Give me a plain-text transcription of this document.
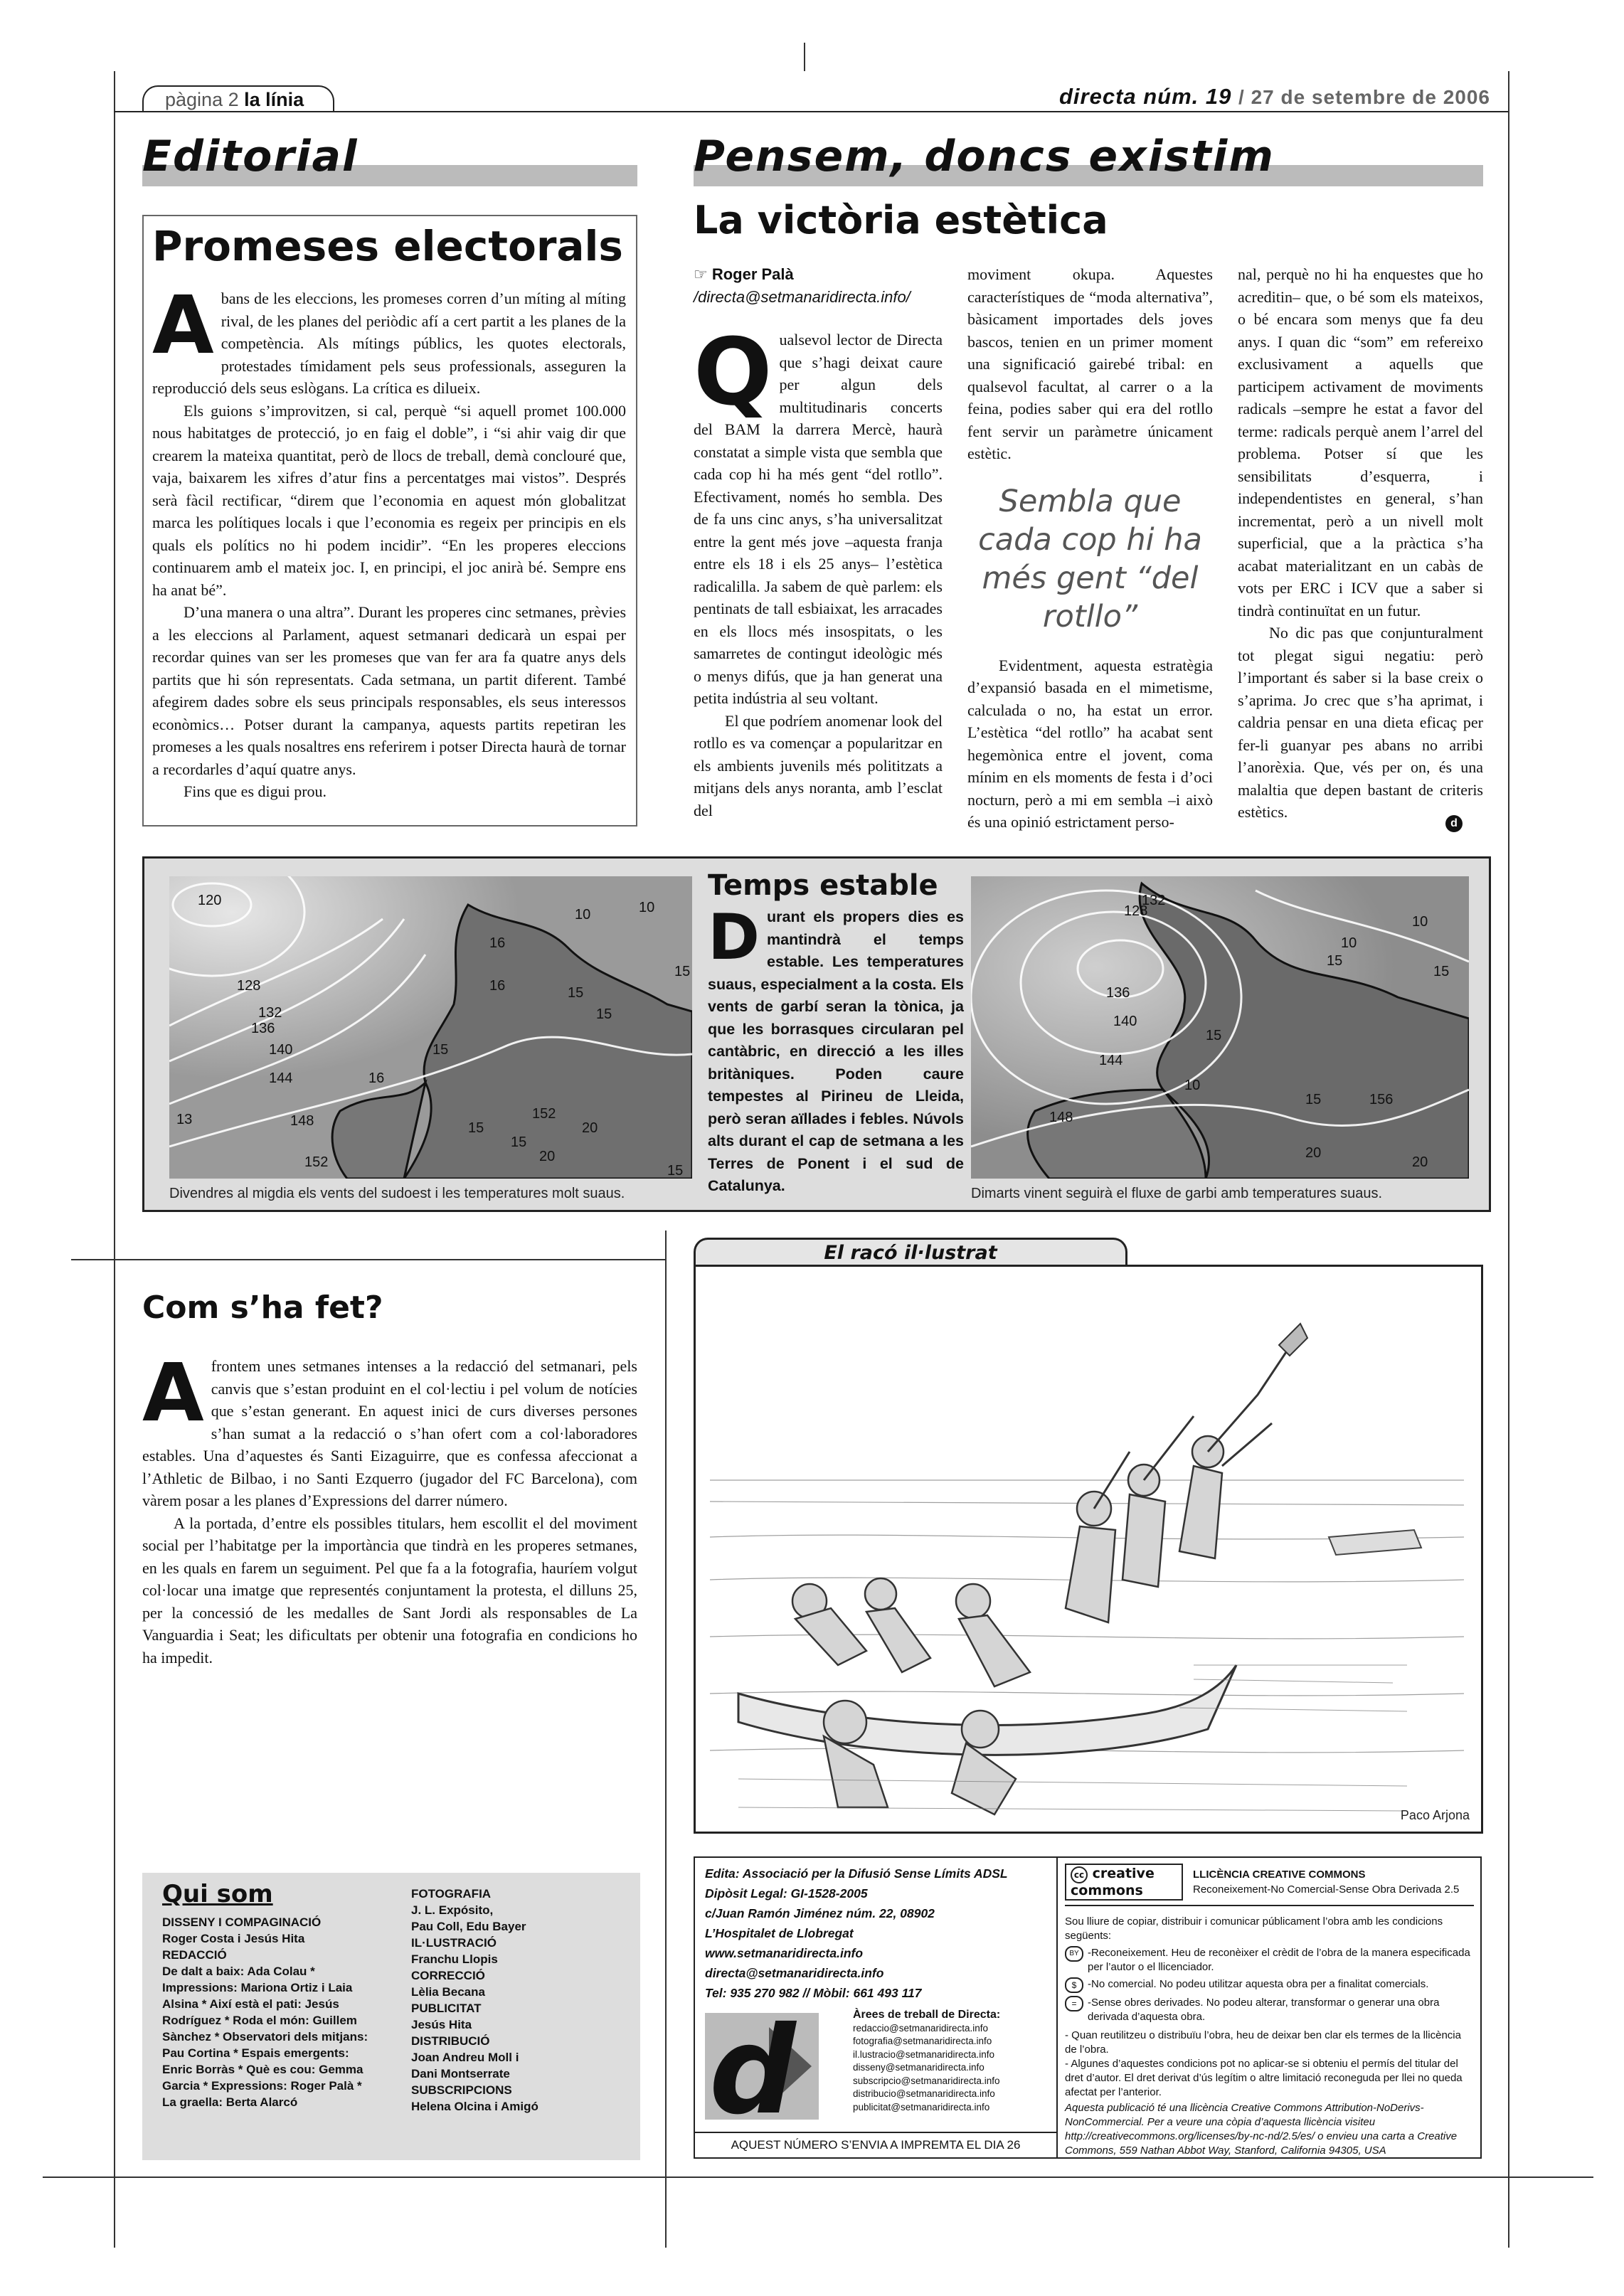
pàgina 2 la línia	directa núm. 19 / 27 de setembre de 2006
Editorial
Promeses electorals

Abans de les eleccions, les promeses corren d’un míting al míting rival, de les planes del periòdic afí a cert partit a les planes de la competència. Als mítings públics, les quotes electorals, protestades tímidament pels seus professionals, asseguren la reproducció dels seus eslògans. La crítica es dilueix.

Els guions s’improvitzen, si cal, perquè “si aquell promet 100.000 nous habitatges de protecció, jo en faig el doble”, i “si ahir vaig dir que crearem la mateixa quantitat, però de llocs de treball, demà conclouré que, vaja, baixarem les xifres d’atur fins a percentatges mai vistos”. Després serà fàcil rectificar, “direm que l’economia en aquest món globalitzat marca les polítiques locals i que l’economia es regeix per principis en els quals els polítics no hi podem incidir”. “En les properes eleccions continuarem amb el mateix joc. I, en principi, el joc anirà bé. Sempre ens ha anat bé”.

D’una manera o una altra”. Durant les properes cinc setmanes, prèvies a les eleccions al Parlament, aquest setmanari dedicarà un espai per recordar quines van ser les promeses que van fer ara fa quatre anys dels partits que hi són representats. Cada setmana, un partit diferent. També afegirem dades sobre els seus principals responsables, els seus interessos econòmics… Potser durant la campanya, aquests partits repetiran les promeses a les quals nosaltres ens referirem i potser Directa haurà de tornar a recordarles d’aquí quatre anys.

Fins que es digui prou.

Pensem, doncs existim
La victòria estètica
☞ Roger Palà
/directa@setmanaridirecta.info/

Qualsevol lector de Directa que s’hagi deixat caure per algun dels multitudinaris concerts del BAM la darrera Mercè, haurà constatat a simple vista que sembla que cada cop hi ha més gent “del rotllo”. Efectivament, només ho sembla. Des de fa uns cinc anys, s’ha universalitzat entre la gent més jove –aquesta franja entre els 18 i els 25 anys– l’estètica radicalilla. Ja sabem de què parlem: els pentinats de tall esbiaixat, les arracades en els llocs més insospitats, o les samarretes de contingut ideològic més o menys difús, que ja han generat una petita indústria al seu voltant.

El que podríem anomenar look del rotllo es va començar a popularitzar en els ambients juvenils més polititzats a mitjans dels anys noranta, amb l’esclat del

moviment okupa. Aquestes característiques de “moda alternativa”, bàsicament importades dels joves bascos, tenien en un primer moment una significació gairebé tribal: en qualsevol facultat, al carrer o a la feina, podies saber qui era del rotllo fent servir un paràmetre únicament estètic.

Sembla que cada cop hi ha més gent “del rotllo”

Evidentment, aquesta estratègia d’expansió basada en el mimetisme, calculada o no, ha estat un error. L’estètica “del rotllo” ha acabat sent hegemònica entre el jovent, coma mínim en els moments de festa i d’oci nocturn, però a mi em sembla –i això és una opinió estrictament perso-

nal, perquè no hi ha enquestes que ho acreditin– que, o bé som els mateixos, o bé encara som menys que fa deu anys. I quan dic “som” em refereixo exclusivament a aquells que participem activament de moviments radicals –sempre he estat a favor del terme: radicals perquè anem l’arrel del problema. Potser sí que les sensibilitats d’esquerra, i independentistes en general, s’han incrementat, però a un nivell molt superficial, que a la pràctica s’ha acabat materialitzant en un cabàs de vots per ERC i ICV que a saber si tindrà continuïtat en un futur.

No dic pas que conjunturalment tot plegat sigui negatiu: però l’important és saber si la base creix o s’aprima. Jo crec que s’ha aprimat, i caldria pensar en una dieta eficaç per fer-li guanyar pes abans no arribi l’anorèxia. Que, vés per on, és una malaltia que depen bastant de criteris estètics.

d
120
128
132
136
140
144
148	152
152
16
16	15
10	10
15
16
15
15
15
20
20
15
15
13
Divendres al migdia els vents del sudoest i les temperatures molt suaus.
Temps estable
Durant els propers dies es mantindrà el temps estable. Les temperatures suaus, especialment a la costa. Els vents de garbí seran la tònica, ja que les borrasques circularan pel cantàbric, en direcció a les illes britàniques. Poden caure tempestes al Pirineu de Lleida, però seran aïllades i febles. Núvols alts durant el cap de setmana a les Terres de Ponent i el sud de Catalunya.
128
132
136
140
144
148
156
10
15
15
10
10
20
20
15
15
Dimarts vinent seguirà el fluxe de garbi amb temperatures suaus.
Com s’ha fet?

Afrontem unes setmanes intenses a la redacció del setmanari, pels canvis que s’estan produint en el col·lectiu i pel volum de notícies que s’estan generant. En aquest inici de curs diverses persones s’han sumat a la redacció o s’han ofert com a col·laboradores estables. Una d’aquestes és Santi Eizaguirre, que es confessa afeccionat a l’Athletic de Bilbao, i no Santi Ezquerro (jugador del FC Barcelona), com vàrem posar a les planes d’Expressions del darrer número.

A la portada, d’entre els possibles titulars, hem escollit el del moviment social per l’habitatge per la importància que tindrà en les properes setmanes, en les quals en farem un seguiment. Pel que fa a la fotografia, hauríem volgut col·locar una imatge que representés conjuntament la protesta, el dilluns 25, per la concessió de les medalles de Sant Jordi als responsables de La Vanguardia i Seat; les dificultats per obtenir una fotografia en condicions ho ha impedit.

El racó il·lustrat
Paco Arjona
Qui som
DISSENY I COMPAGINACIÓ
Roger Costa i Jesús Hita
REDACCIÓ
De dalt a baix: Ada Colau *
Impressions: Mariona Ortiz i Laia
Alsina * Així està el pati: Jesús
Rodríguez * Roda el món: Guillem
Sànchez * Observatori dels mitjans:
Pau Cortina * Espais emergents:
Enric Borràs * Què es cou: Gemma
Garcia * Expressions: Roger Palà *
La graella: Berta Alarcó
FOTOGRAFIA
J. L. Expósito,
Pau Coll, Edu Bayer
IL·LUSTRACIÓ
Franchu Llopis
CORRECCIÓ
Lèlia Becana
PUBLICITAT
Jesús Hita
DISTRIBUCIÓ
Joan Andreu Moll i
Dani Montserrate
SUBSCRIPCIONS
Helena Olcina i Amigó
Edita: Associació per la Difusió Sense Límits ADSL
Dipòsit Legal: GI-1528-2005
c/Juan Ramón Jiménez núm. 22, 08902
L’Hospitalet de Llobregat
www.setmanaridirecta.info
directa@setmanaridirecta.info
Tel: 935 270 982 // Mòbil: 661 493 117
d	Àrees de treball de Directa:
redaccio@setmanaridirecta.info
fotografia@setmanaridirecta.info
il.lustracio@setmanaridirecta.info
disseny@setmanaridirecta.info
subscripcio@setmanaridirecta.info
distribucio@setmanaridirecta.info
publicitat@setmanaridirecta.info
AQUEST NÚMERO S’ENVIA A IMPREMTA EL DIA 26
cc creative commons
LLICÈNCIA CREATIVE COMMONS
Reconeixement-No Comercial-Sense Obra Derivada 2.5
Sou lliure de copiar, distribuir i comunicar públicament l’obra amb les condicions següents:
BY -Reconeixement. Heu de reconèixer el crèdit de l’obra de la manera especificada per l’autor o el llicenciador.
$	-No comercial. No podeu utilitzar aquesta obra per a finalitat comercials.
=	-Sense obres derivades. No podeu alterar, transformar o generar una obra derivada d’aquesta obra.
- Quan reutilitzeu o distribuïu l’obra, heu de deixar ben clar els termes de la llicència de l’obra.
- Algunes d’aquestes condicions pot no aplicar-se si obteniu el permís del titular del dret d’autor. El dret derivat d’ús legítim o altre limitació reconeguda per llei no queda afectat per l’anterior.
Aquesta publicació té una llicència Creative Commons Attribution-NoDerivs-NonCommercial. Per a veure una còpia d’aquesta llicència visiteu http://creativecommons.org/licenses/by-nc-nd/2.5/es/ o envieu una carta a Creative Commons, 559 Nathan Abbot Way, Stanford, California 94305, USA
